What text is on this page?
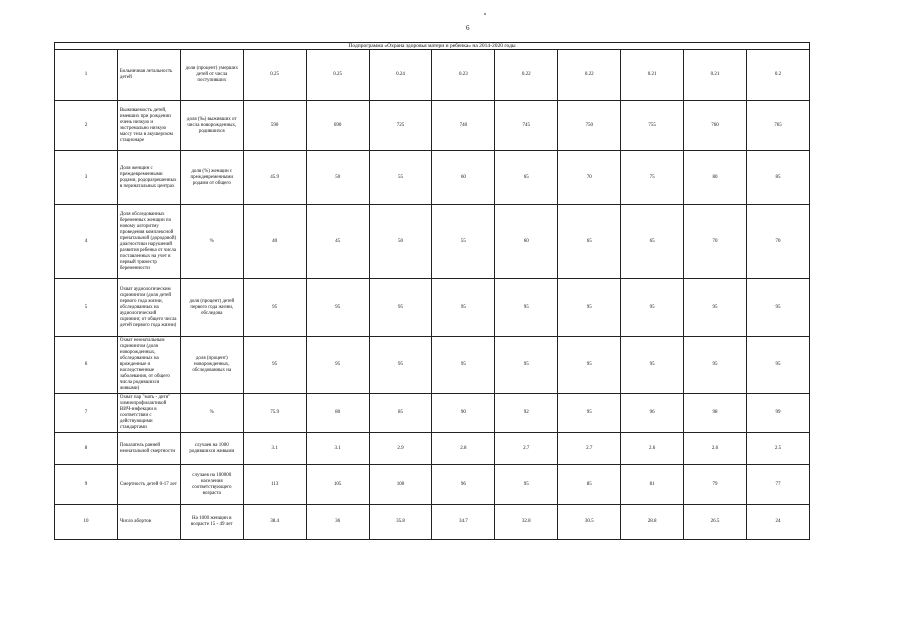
6
Подпрограмма «Охрана здоровья матери и ребенка» на 2014-2020 годы											
1	Больничная летальность детей	доля (процент) умерших детей от числа поступивших	0.25	0.25	0.24	0.23	0.22	0.22	0.21	0.21	0.2
2	Выживаемость детей, имевших при рождении очень низкую и экстремально низкую массу тела в акушерском стационаре	доля (‰) выживших от числа новорожденных, родившихся	590	690	725	740	745	750	755	760	765
3	Доля женщин с преждевременными родами, родоразрешенных в перинатальных центрах	доля (%) женщин с преждевременными родами от общего	45.9	50	55	60	65	70	75	80	85
4	Доля обследованных беременных женщин по новому алгоритму проведения комплексной пренатальной (дородовой) диагностики нарушений развития ребенка от числа поставленных на учет в первый триместр беременности	%	40	45	50	55	60	65	65	70	70
5	Охват аудиологическим скринингом (доля детей первого года жизни, обследованных на аудиологический скрининг, от общего числа детей первого года жизни)	доля (процент) детей первого года жизни, обследова	95	95	95	95	95	95	95	95	95
6	Охват неонатальным скринингом (доля новорожденных, обследованных на врожденные и наследственные заболевания, от общего числа родившихся живыми)	доля (процент) новорожденных, обследованных на	95	95	95	95	95	95	95	95	95
7	Охват пар "мать - дитя" химиопрофилактикой ВИЧ-инфекции в соответствии с действующими стандартами	%	75.9	80	85	90	92	95	96	98	99
8	Показатель ранней неонатальной смертности	случаев на 1000 родившихся живыми	3.1	3.1	2.9	2.8	2.7	2.7	2.6	2.6	2.5
9	Смертность детей 0-17 лет	случаев на 100000 населения соответствующего возраста	113	105	100	96	95	85	81	79	77
10	Число абортов	На 1000 женщин в возрасте 15 - 49 лет	38.4	36	35.8	34.7	32.8	30.5	28.8	26.5	24
